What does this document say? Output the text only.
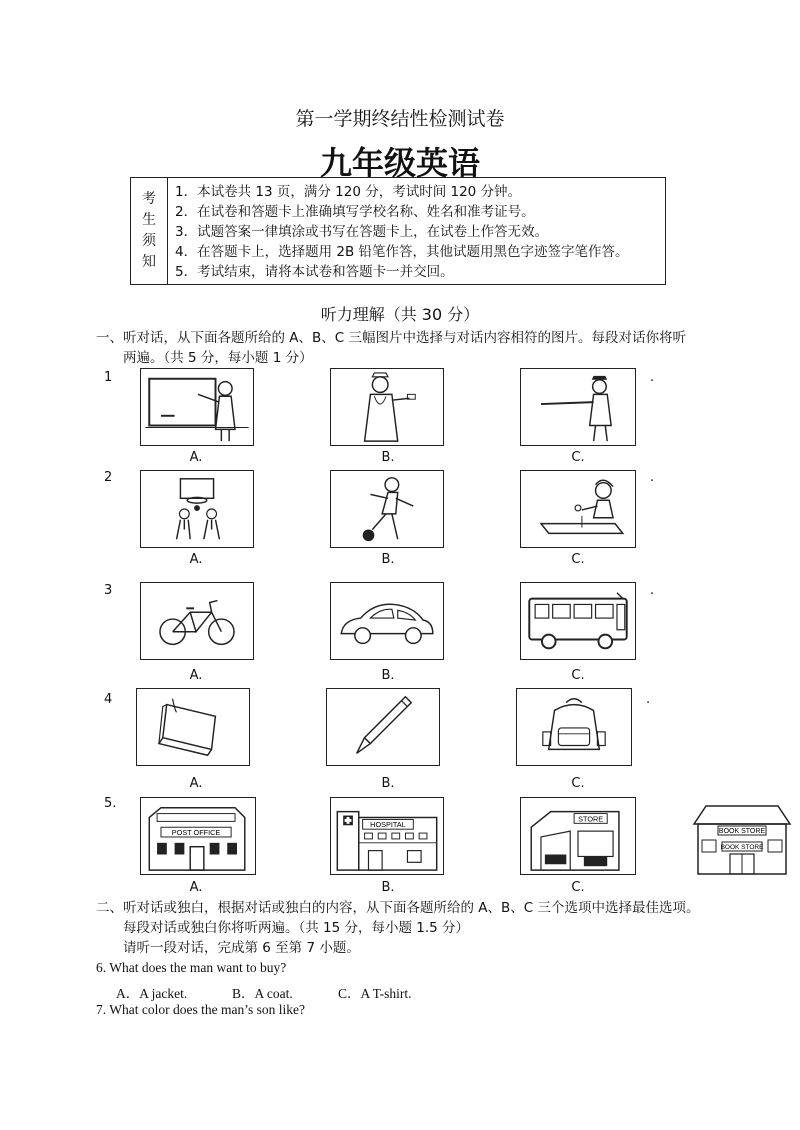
第一学期终结性检测试卷
九年级英语
考
生
须
知
1．本试卷共 13 页，满分 120 分，考试时间 120 分钟。
2．在试卷和答题卡上准确填写学校名称、姓名和准考证号。
3．试题答案一律填涂或书写在答题卡上，在试卷上作答无效。
4．在答题卡上，选择题用 2B 铅笔作答，其他试题用黑色字迹签字笔作答。
5．考试结束，请将本试卷和答题卡一并交回。
听力理解（共 30 分）
一、听对话，从下面各题所给的 A、B、C 三幅图片中选择与对话内容相符的图片。每段对话你将听
两遍。（共 5 分，每小题 1 分）
1
A.	B.	C.
.
2
A.	B.	C.
.
3
A.	B.	C.
.
4
A.	B.	C.
.
5.
POST OFFICE
A.
HOSPITAL
B.
STORE
C.
BOOK STORE
BOOK STORE
二、听对话或独白，根据对话或独白的内容，从下面各题所给的 A、B、C 三个选项中选择最佳选项。
每段对话或独白你将听两遍。（共 15 分，每小题 1.5 分）
请听一段对话，完成第 6 至第 7 小题。
6. What does the man want to buy?
A．A jacket.	B．A coat.	C．A T-shirt.
7. What color does the man’s son like?
